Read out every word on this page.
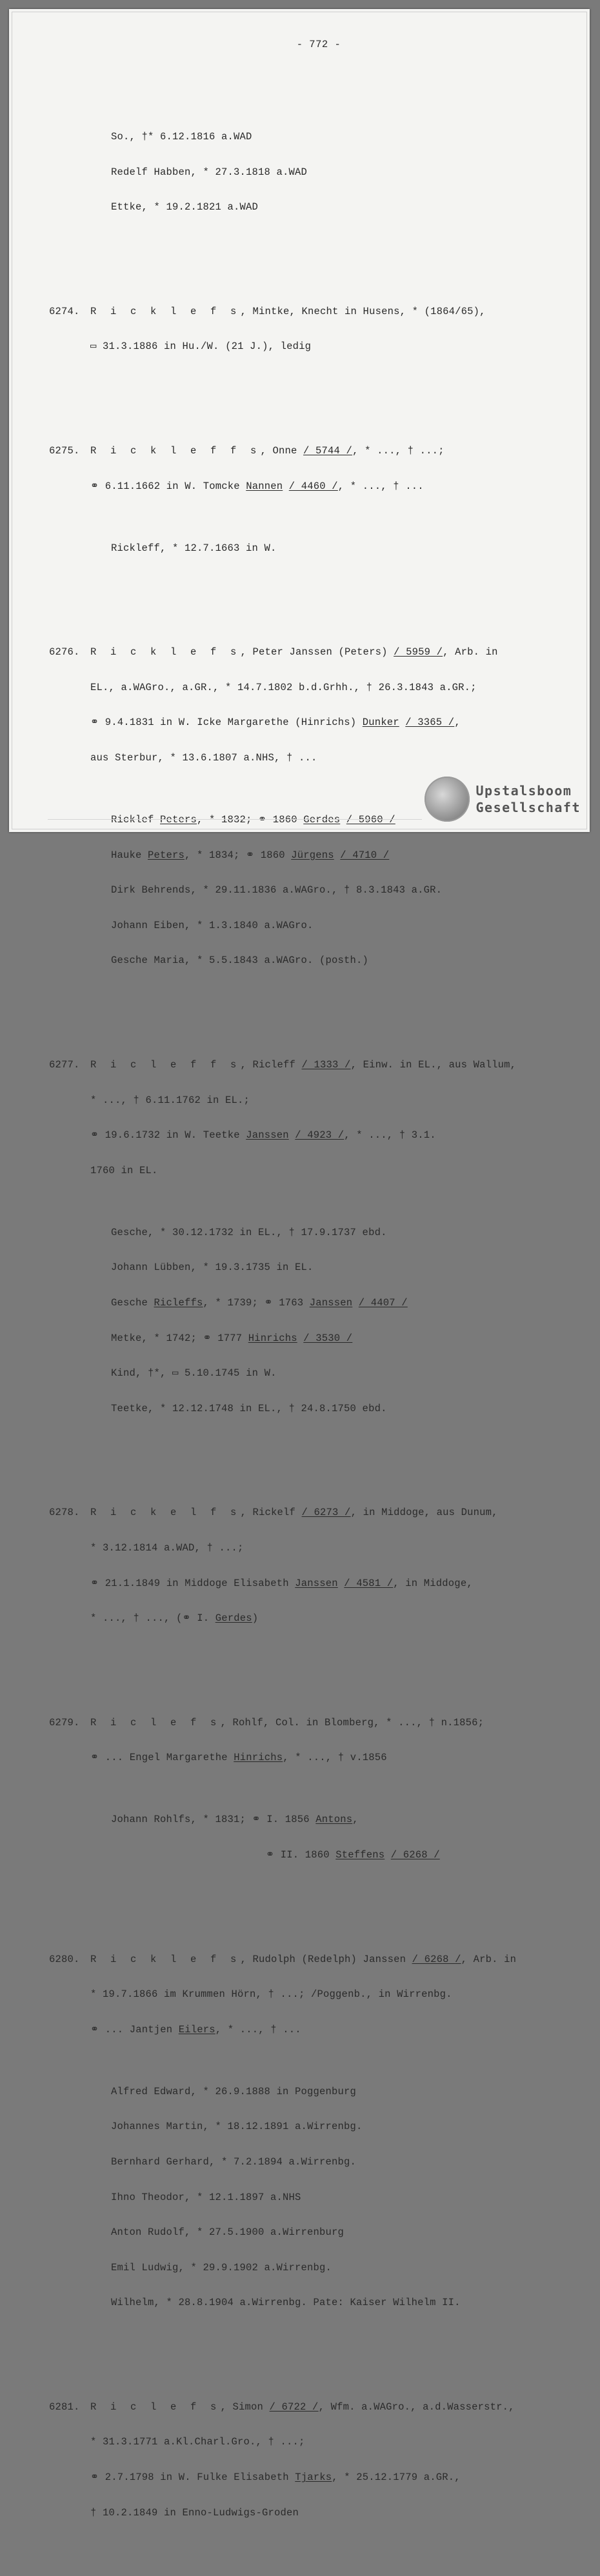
- 772 -

So., †* 6.12.1816 a.WAD

Redelf Habben, * 27.3.1818 a.WAD

Ettke, * 19.2.1821 a.WAD

6274. R i c k l e f s, Mintke, Knecht in Husens, * (1864/65),

▭ 31.3.1886 in Hu./W. (21 J.), ledig

6275. R i c k l e f f s, Onne / 5744 /, * ..., † ...;

⚭ 6.11.1662 in W. Tomcke Nannen / 4460 /, * ..., † ...

Rickleff, * 12.7.1663 in W.

6276. R i c k l e f s, Peter Janssen (Peters) / 5959 /, Arb. in

EL., a.WAGro., a.GR., * 14.7.1802 b.d.Grhh., † 26.3.1843 a.GR.;

⚭ 9.4.1831 in W. Icke Margarethe (Hinrichs) Dunker / 3365 /,

aus Sterbur, * 13.6.1807 a.NHS, † ...

Ricklef Peters, * 1832; ⚭ 1860 Gerdes / 5960 /

Hauke Peters, * 1834; ⚭ 1860 Jürgens / 4710 /

Dirk Behrends, * 29.11.1836 a.WAGro., † 8.3.1843 a.GR.

Johann Eiben, * 1.3.1840 a.WAGro.

Gesche Maria, * 5.5.1843 a.WAGro. (posth.)

6277. R i c l e f f s, Ricleff / 1333 /, Einw. in EL., aus Wallum,

* ..., † 6.11.1762 in EL.;

⚭ 19.6.1732 in W. Teetke Janssen / 4923 /, * ..., † 3.1.

1760 in EL.

Gesche, * 30.12.1732 in EL., † 17.9.1737 ebd.

Johann Lübben, * 19.3.1735 in EL.

Gesche Ricleffs, * 1739; ⚭ 1763 Janssen / 4407 /

Metke, * 1742; ⚭ 1777 Hinrichs / 3530 /

Kind, †*, ▭ 5.10.1745 in W.

Teetke, * 12.12.1748 in EL., † 24.8.1750 ebd.

6278. R i c k e l f s, Rickelf / 6273 /, in Middoge, aus Dunum,

* 3.12.1814 a.WAD, † ...;

⚭ 21.1.1849 in Middoge Elisabeth Janssen / 4581 /, in Middoge,

* ..., † ..., (⚭ I. Gerdes)

6279. R i c l e f s, Rohlf, Col. in Blomberg, * ..., † n.1856;

⚭ ... Engel Margarethe Hinrichs, * ..., † v.1856

Johann Rohlfs, * 1831; ⚭ I. 1856 Antons,

⚭ II. 1860 Steffens / 6268 /

6280. R i c k l e f s, Rudolph (Redelph) Janssen / 6268 /, Arb. in

* 19.7.1866 im Krummen Hörn, † ...; /Poggenb., in Wirrenbg.

⚭ ... Jantjen Eilers, * ..., † ...

Alfred Edward, * 26.9.1888 in Poggenburg

Johannes Martin, * 18.12.1891 a.Wirrenbg.

Bernhard Gerhard, * 7.2.1894 a.Wirrenbg.

Ihno Theodor, * 12.1.1897 a.NHS

Anton Rudolf, * 27.5.1900 a.Wirrenburg

Emil Ludwig, * 29.9.1902 a.Wirrenbg.

Wilhelm, * 28.8.1904 a.Wirrenbg. Pate: Kaiser Wilhelm II.

6281. R i c l e f s, Simon / 6722 /, Wfm. a.WAGro., a.d.Wasserstr.,

* 31.3.1771 a.Kl.Charl.Gro., † ...;

⚭ 2.7.1798 in W. Fulke Elisabeth Tjarks, * 25.12.1779 a.GR.,

† 10.2.1849 in Enno-Ludwigs-Groden

Upstalsboom
Gesellschaft
